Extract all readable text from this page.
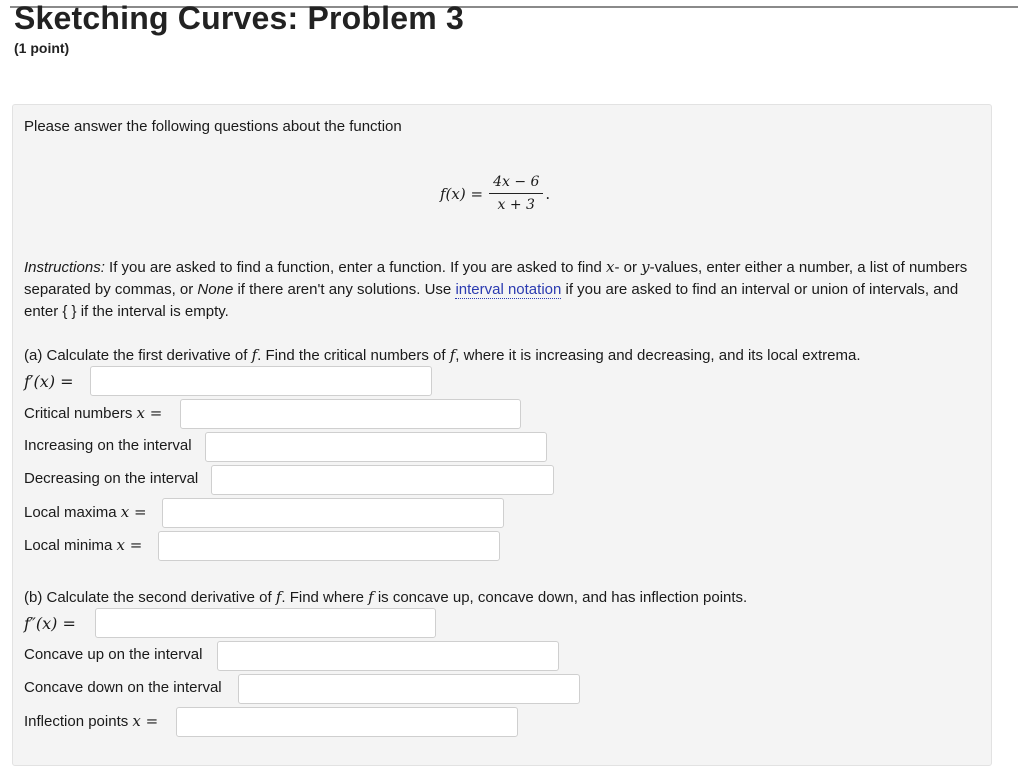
Sketching Curves: Problem 3
(1 point)
Please answer the following questions about the function
$f(x) = \frac{4x - 6}{x + 3}$ .
Instructions: If you are asked to find a function, enter a function. If you are asked to find x- or y-values, enter either a number, a list of numbers separated by commas, or None if there aren't any solutions. Use interval notation if you are asked to find an interval or union of intervals, and enter { } if the interval is empty.
(a) Calculate the first derivative of f. Find the critical numbers of f, where it is increasing and decreasing, and its local extrema.
f′(x) =
Critical numbers x =
Increasing on the interval
Decreasing on the interval
Local maxima x =
Local minima x =
(b) Calculate the second derivative of f. Find where f is concave up, concave down, and has inflection points.
f″(x) =
Concave up on the interval
Concave down on the interval
Inflection points x =
